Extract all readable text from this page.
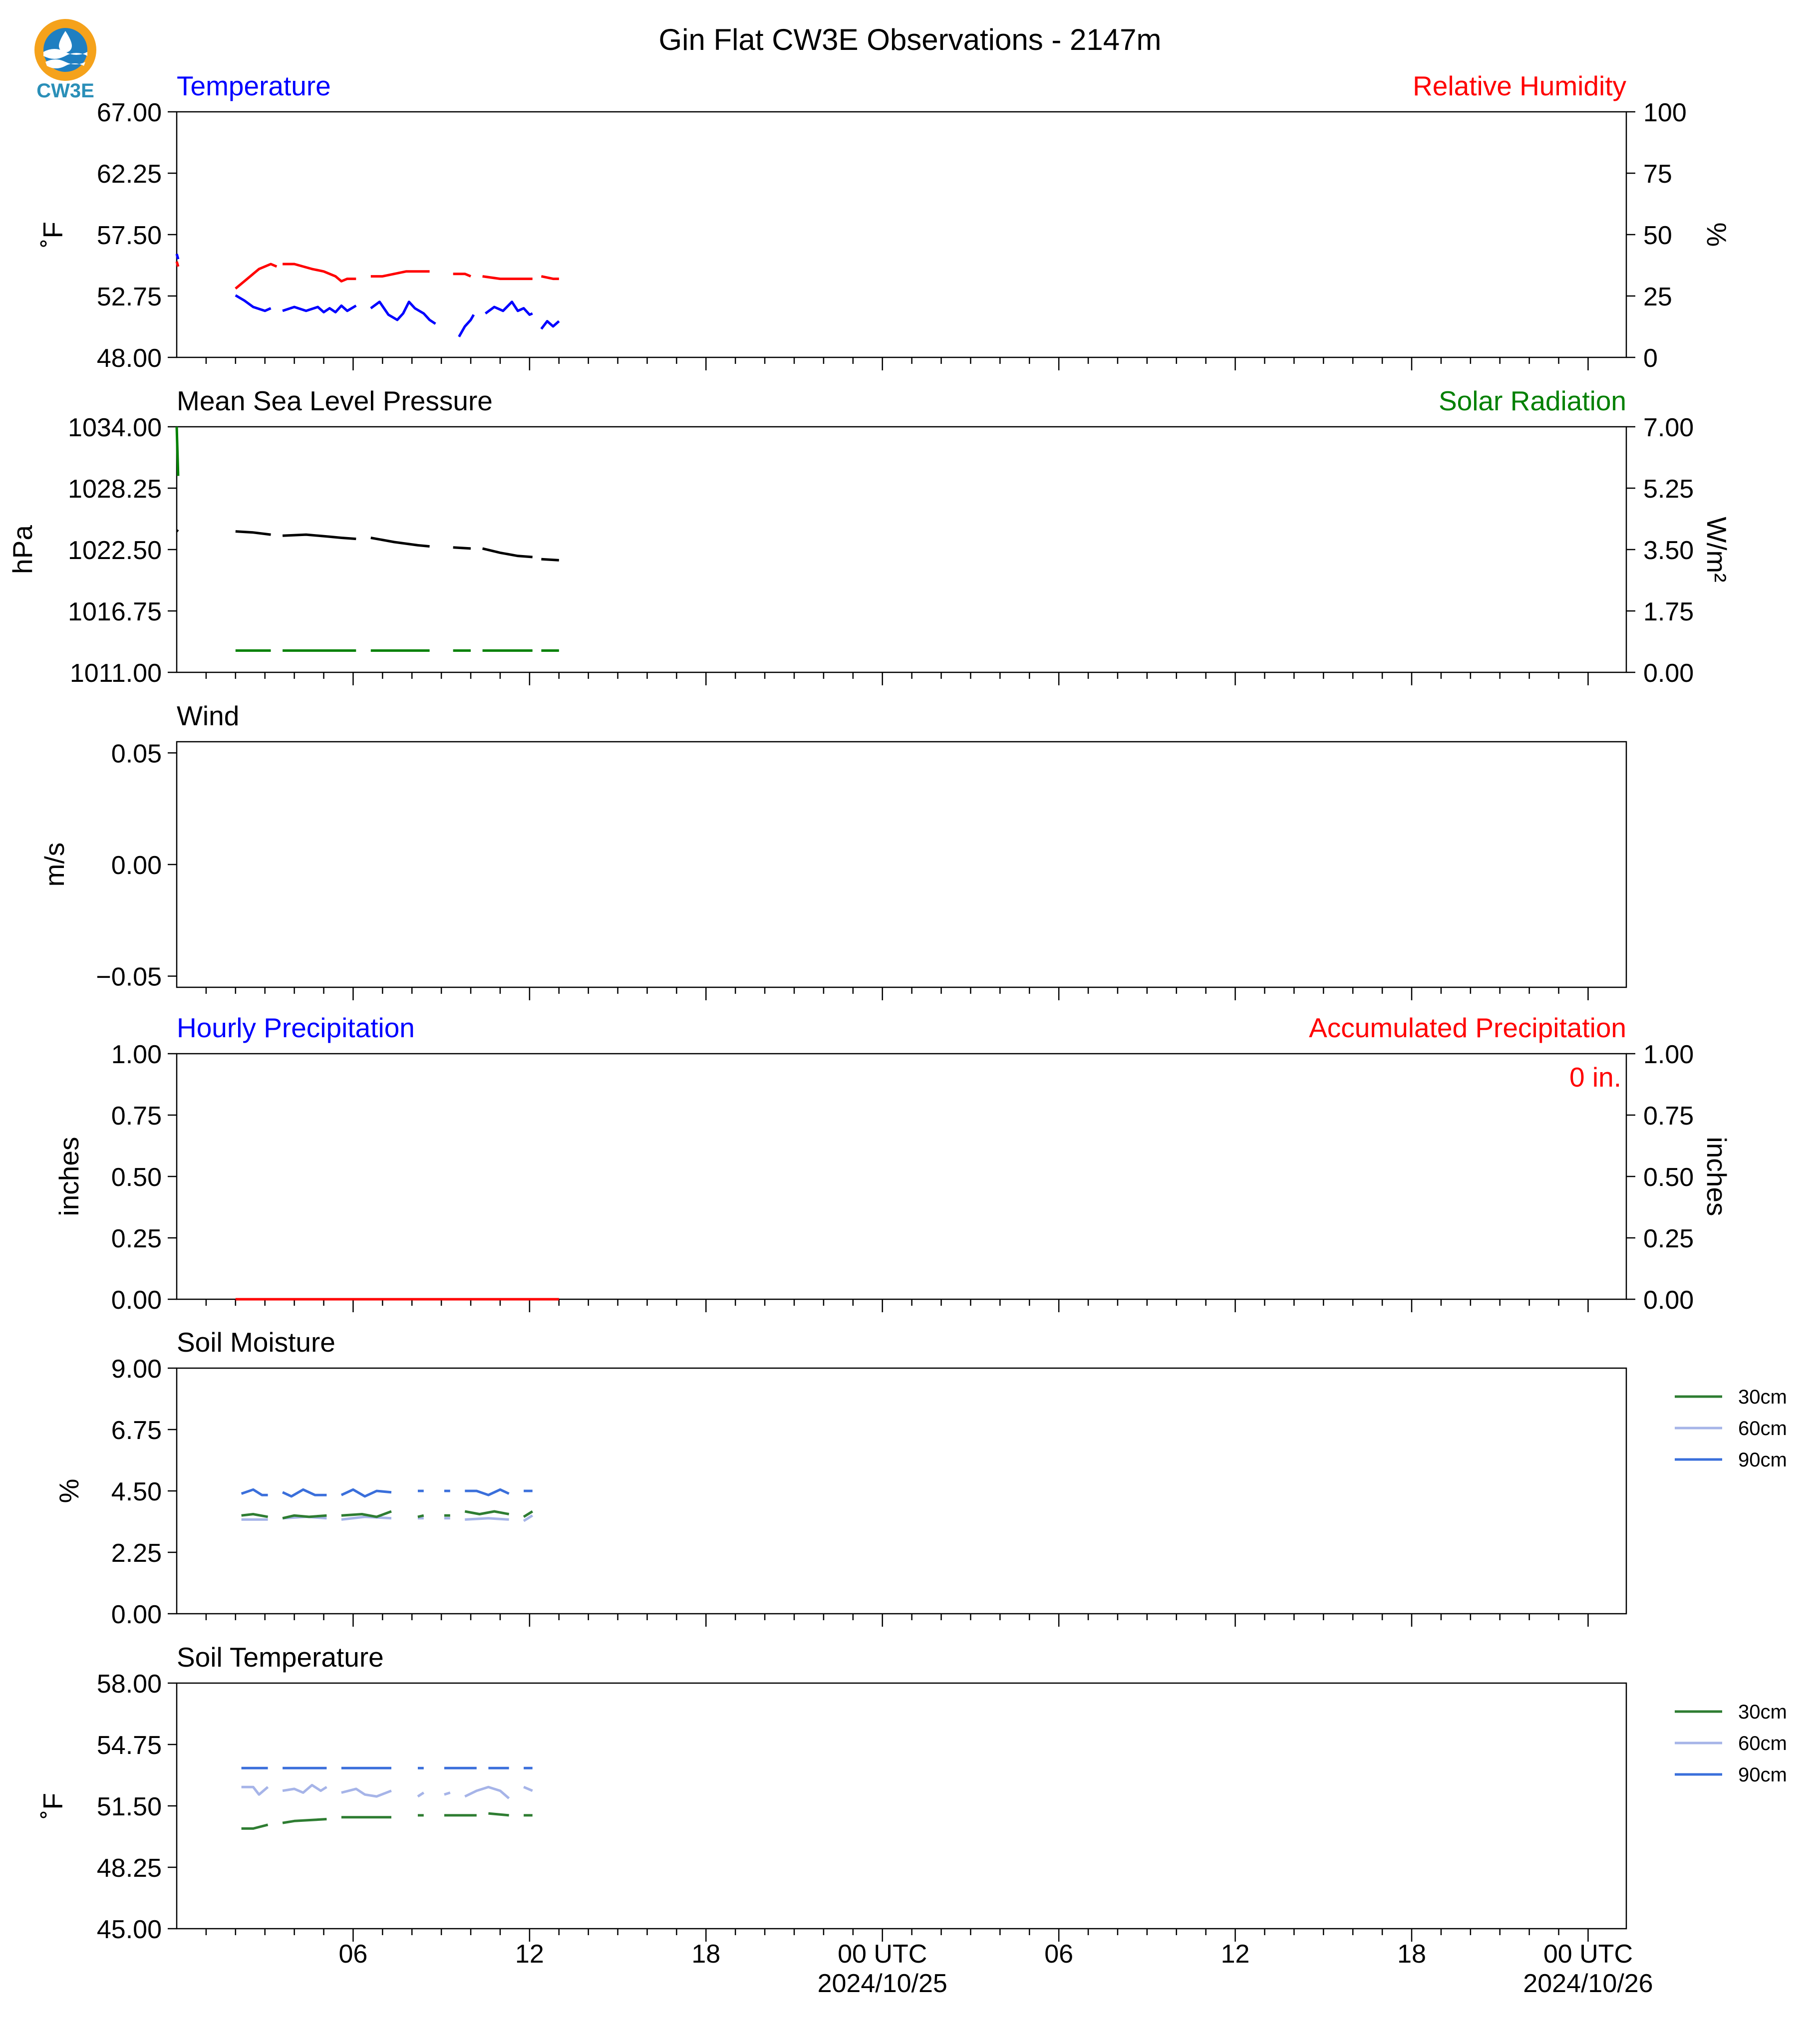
CW3E
Gin Flat CW3E Observations - 2147m
48.00
52.75
57.50
62.25
67.00
0
25
50
75
100
Temperature	Relative Humidity
˚F	%
1011.00
1016.75
1022.50
1028.25
1034.00
0.00
1.75
3.50
5.25
7.00
Mean Sea Level Pressure	Solar Radiation
hPa	W/m²
−0.05
0.00
0.05
Wind
m/s
0.00
0.25
0.50
0.75
1.00
0.00
0.25
0.50
0.75
1.00
Hourly Precipitation	Accumulated Precipitation
inches	inches
0 in.
0.00
2.25
4.50
6.75
9.00
Soil Moisture
%
30cm
60cm
90cm
45.00
48.25
51.50
54.75
58.00
Soil Temperature
˚F
30cm
60cm
90cm
06	12	18	00 UTC
2024/10/25
06	12	18	00 UTC
2024/10/26
